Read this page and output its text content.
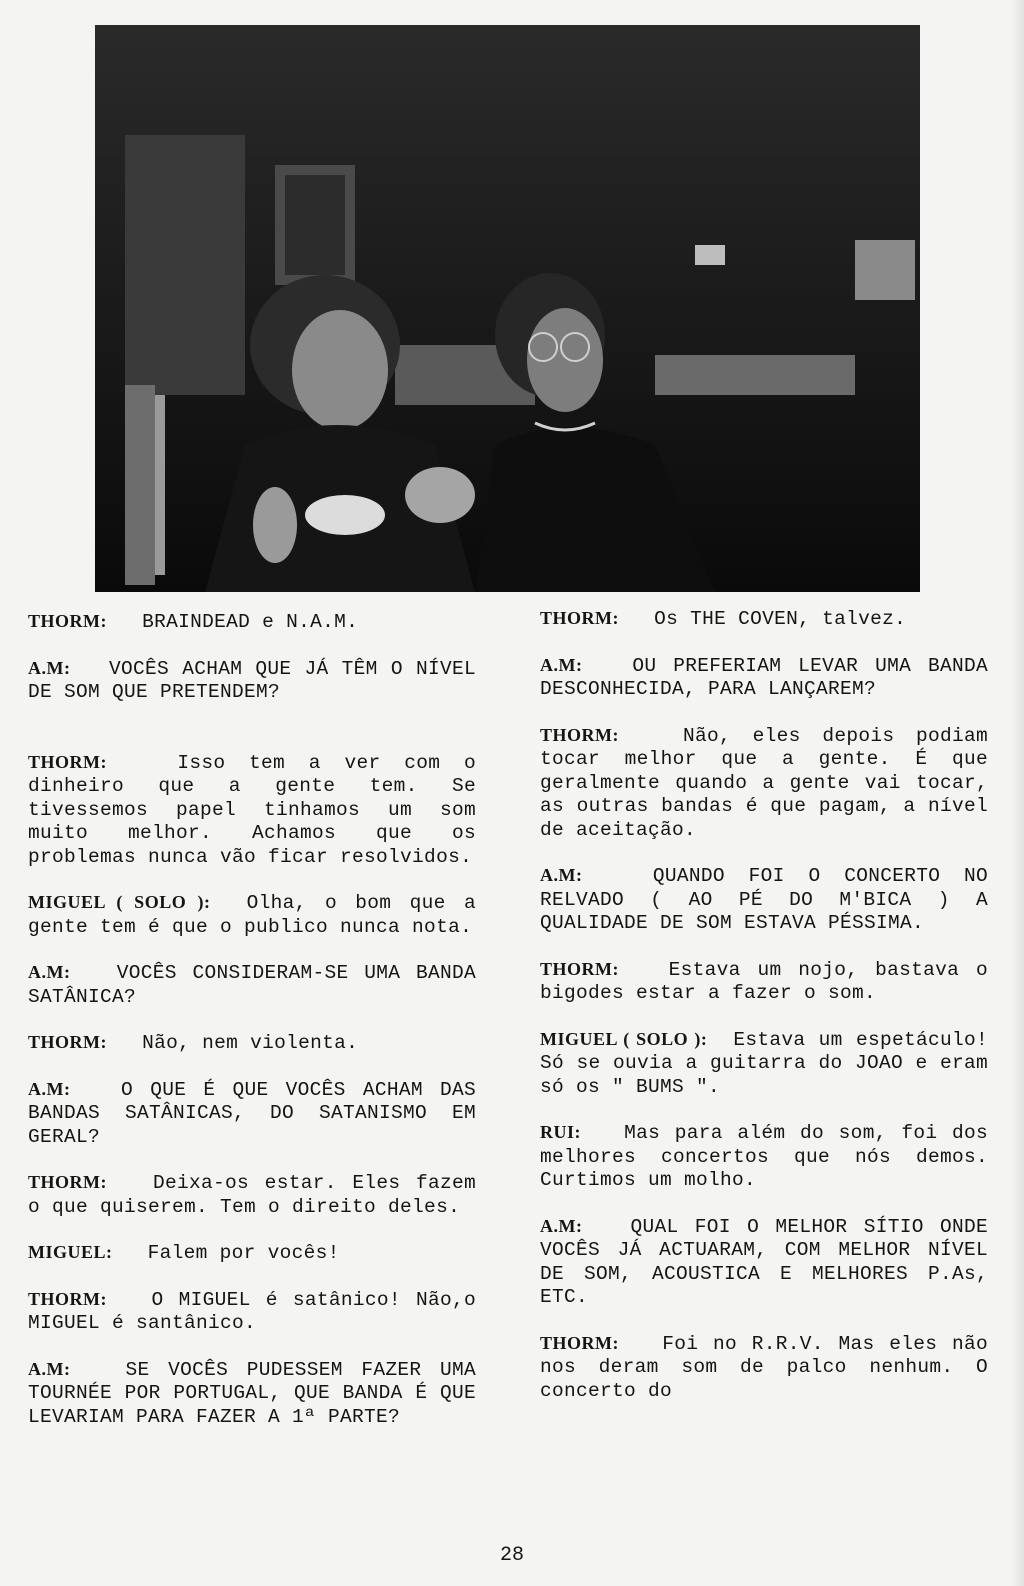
THORM: BRAINDEAD e N.A.M.

A.M: VOCÊS ACHAM QUE JÁ TÊM O NÍVEL DE SOM QUE PRETENDEM?

THORM:	Isso tem a ver com o dinheiro que a gente tem. Se tivessemos papel tinhamos um som muito melhor. Achamos que os problemas nunca vão ficar resolvidos.

MIGUEL ( SOLO ): Olha, o bom que a gente tem é que o publico nunca nota.

A.M: VOCÊS CONSIDERAM-SE UMA BANDA SATÂNICA?

THORM: Não, nem violenta.

A.M:	O QUE É QUE VOCÊS ACHAM DAS BANDAS SATÂNICAS, DO SATANISMO EM GERAL?

THORM: Deixa-os estar. Eles fazem o que quiserem. Tem o direito deles.

MIGUEL: Falem por vocês!

THORM: O MIGUEL é satânico! Não,o MIGUEL é santânico.

A.M:	SE VOCÊS PUDESSEM FAZER UMA TOURNÉE POR PORTUGAL, QUE BANDA É QUE LEVARIAM PARA FAZER A 1ª PARTE?

THORM: Os THE COVEN, talvez.

A.M:	OU PREFERIAM LEVAR UMA BANDA DESCONHECIDA, PARA LANÇAREM?

THORM:	Não, eles depois podiam tocar melhor que a gente. É que geralmente quando a gente vai tocar, as outras bandas é que pagam, a nível de aceitação.

A.M:	QUANDO FOI O CONCERTO NO RELVADO ( AO PÉ DO M'BICA ) A QUALIDADE DE SOM ESTAVA PÉSSIMA.

THORM:	Estava um nojo, bastava o bigodes estar a fazer o som.

MIGUEL ( SOLO ): Estava um espetáculo! Só se ouvia a guitarra do JOAO e eram só os " BUMS ".

RUI: Mas para além do som, foi dos melhores concertos que nós demos. Curtimos um molho.

A.M: QUAL FOI O MELHOR SÍTIO ONDE VOCÊS JÁ ACTUARAM, COM MELHOR NÍVEL DE SOM, ACOUSTICA E MELHORES P.As, ETC.

THORM: Foi no R.R.V. Mas eles não nos deram som de palco nenhum. O concerto do

28
